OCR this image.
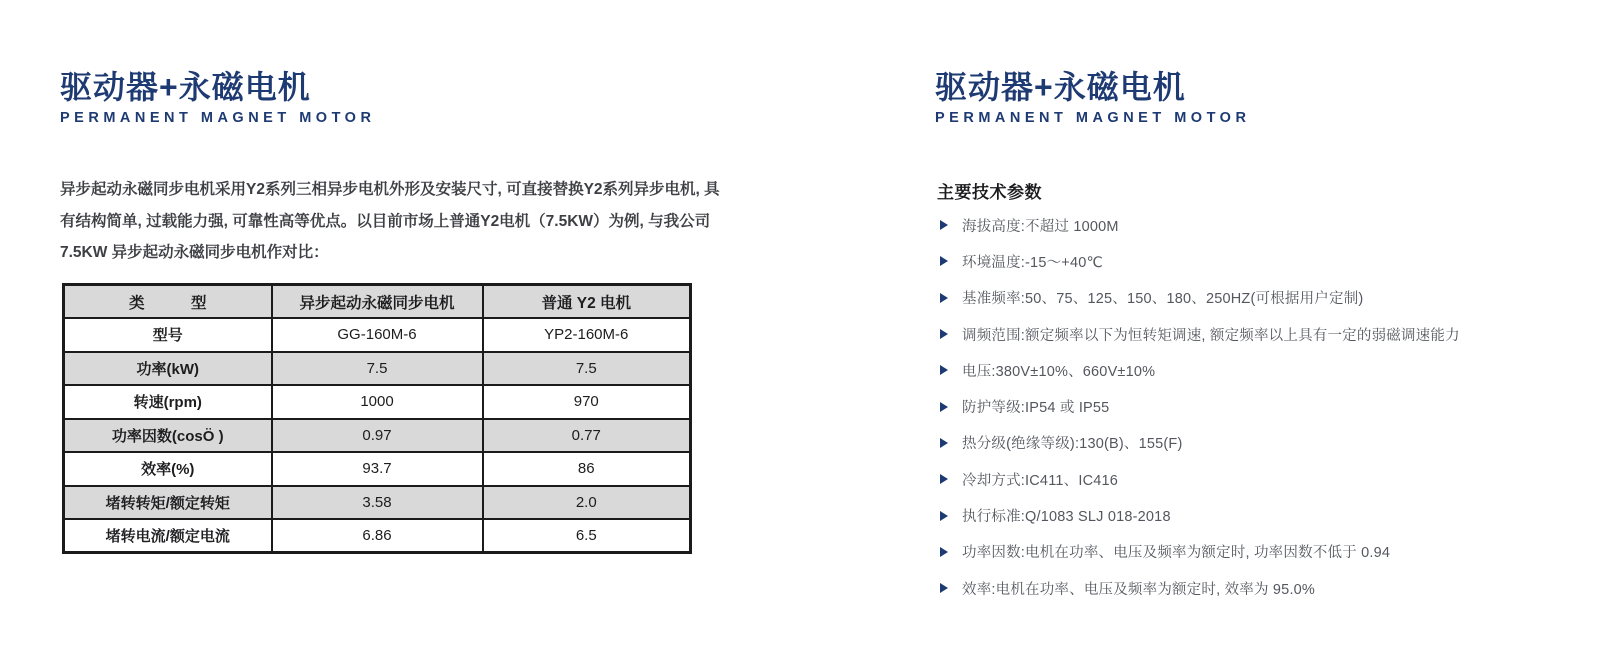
驱动器+永磁电机
PERMANENT MAGNET MOTOR
异步起动永磁同步电机采用Y2系列三相异步电机外形及安装尺寸, 可直接替换Y2系列异步电机, 具
有结构简单, 过载能力强, 可靠性高等优点。以目前市场上普通Y2电机（7.5KW）为例, 与我公司
7.5KW 异步起动永磁同步电机作对比：
类　　　型	异步起动永磁同步电机	普通 Y2 电机
型号	GG-160M-6	YP2-160M-6
功率(kW)	7.5	7.5
转速(rpm)	1000	970
功率因数(cosÖ )	0.97	0.77
效率(%)	93.7	86
堵转转矩/额定转矩	3.58	2.0
堵转电流/额定电流	6.86	6.5
驱动器+永磁电机
PERMANENT MAGNET MOTOR
主要技术参数
海拔高度:不超过 1000M
环境温度:-15～+40℃
基准频率:50、75、125、150、180、250HZ(可根据用户定制)
调频范围:额定频率以下为恒转矩调速, 额定频率以上具有一定的弱磁调速能力
电压:380V±10%、660V±10%
防护等级:IP54 或 IP55
热分级(绝缘等级):130(B)、155(F)
冷却方式:IC411、IC416
执行标准:Q/1083 SLJ 018-2018
功率因数:电机在功率、电压及频率为额定时, 功率因数不低于 0.94
效率:电机在功率、电压及频率为额定时, 效率为 95.0%
